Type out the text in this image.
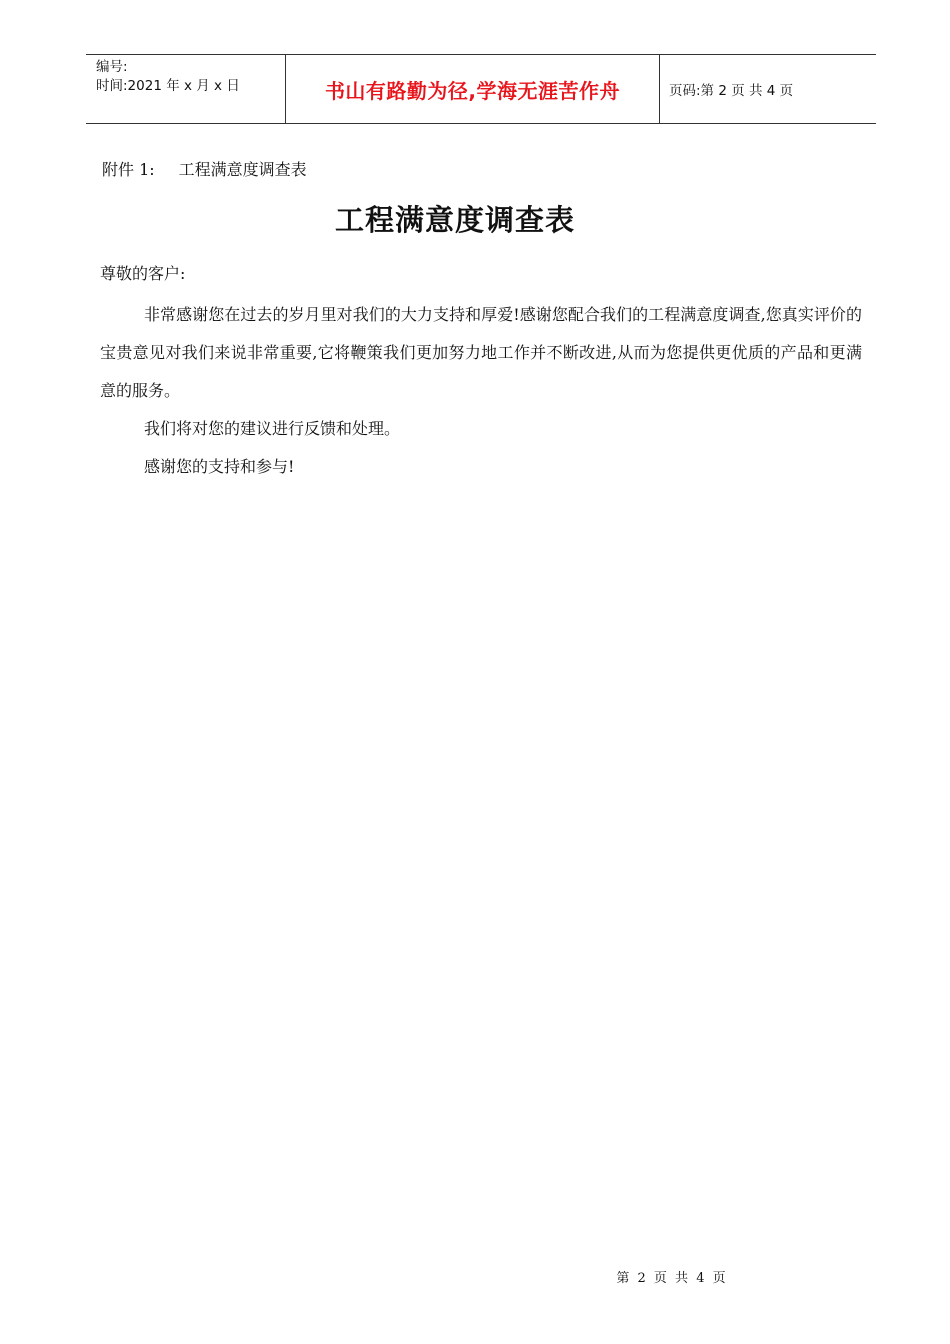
编号:
时间:2021 年 x 月 x 日	书山有路勤为径,学海无涯苦作舟	页码:第 2 页 共 4 页
附件 1: 工程满意度调查表
工程满意度调查表

尊敬的客户:

非常感谢您在过去的岁月里对我们的大力支持和厚爱!感谢您配合我们的工程满意度调查,您真实评价的宝贵意见对我们来说非常重要,它将鞭策我们更加努力地工作并不断改进,从而为您提供更优质的产品和更满意的服务。

我们将对您的建议进行反馈和处理。

感谢您的支持和参与!

第 2 页 共 4 页
